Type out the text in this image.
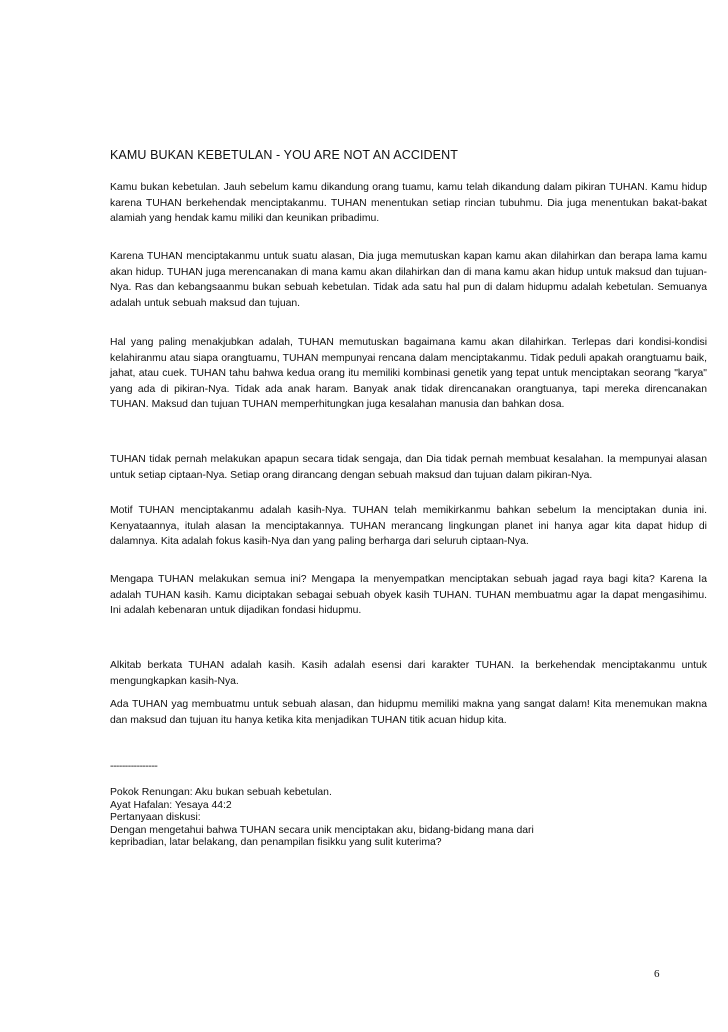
KAMU BUKAN KEBETULAN - YOU ARE NOT AN ACCIDENT

Kamu bukan kebetulan. Jauh sebelum kamu dikandung orang tuamu, kamu telah dikandung dalam pikiran TUHAN. Kamu hidup karena TUHAN berkehendak menciptakanmu. TUHAN menentukan setiap rincian tubuhmu. Dia juga menentukan bakat-bakat alamiah yang hendak kamu miliki dan keunikan pribadimu.

Karena TUHAN menciptakanmu untuk suatu alasan, Dia juga memutuskan kapan kamu akan dilahirkan dan berapa lama kamu akan hidup. TUHAN juga merencanakan di mana kamu akan dilahirkan dan di mana kamu akan hidup untuk maksud dan tujuan-Nya. Ras dan kebangsaanmu bukan sebuah kebetulan. Tidak ada satu hal pun di dalam hidupmu adalah kebetulan. Semuanya adalah untuk sebuah maksud dan tujuan.

Hal yang paling menakjubkan adalah, TUHAN memutuskan bagaimana kamu akan dilahirkan. Terlepas dari kondisi-kondisi kelahiranmu atau siapa orangtuamu, TUHAN mempunyai rencana dalam menciptakanmu. Tidak peduli apakah orangtuamu baik, jahat, atau cuek. TUHAN tahu bahwa kedua orang itu memiliki kombinasi genetik yang tepat untuk menciptakan seorang "karya" yang ada di pikiran-Nya. Tidak ada anak haram. Banyak anak tidak direncanakan orangtuanya, tapi mereka direncanakan TUHAN. Maksud dan tujuan TUHAN memperhitungkan juga kesalahan manusia dan bahkan dosa.

TUHAN tidak pernah melakukan apapun secara tidak sengaja, dan Dia tidak pernah membuat kesalahan. Ia mempunyai alasan untuk setiap ciptaan-Nya. Setiap orang dirancang dengan sebuah maksud dan tujuan dalam pikiran-Nya.

Motif TUHAN menciptakanmu adalah kasih-Nya. TUHAN telah memikirkanmu bahkan sebelum Ia menciptakan dunia ini. Kenyataannya, itulah alasan Ia menciptakannya. TUHAN merancang lingkungan planet ini hanya agar kita dapat hidup di dalamnya. Kita adalah fokus kasih-Nya dan yang paling berharga dari seluruh ciptaan-Nya.

Mengapa TUHAN melakukan semua ini? Mengapa Ia menyempatkan menciptakan sebuah jagad raya bagi kita? Karena Ia adalah TUHAN kasih. Kamu diciptakan sebagai sebuah obyek kasih TUHAN. TUHAN membuatmu agar Ia dapat mengasihimu. Ini adalah kebenaran untuk dijadikan fondasi hidupmu.

Alkitab berkata TUHAN adalah kasih. Kasih adalah esensi dari karakter TUHAN. Ia berkehendak menciptakanmu untuk mengungkapkan kasih-Nya.

Ada TUHAN yag membuatmu untuk sebuah alasan, dan hidupmu memiliki makna yang sangat dalam! Kita menemukan makna dan maksud dan tujuan itu hanya ketika kita menjadikan TUHAN titik acuan hidup kita.

----------------
Pokok Renungan: Aku bukan sebuah kebetulan.
Ayat Hafalan: Yesaya 44:2
Pertanyaan diskusi:
Dengan mengetahui bahwa TUHAN secara unik menciptakan aku, bidang-bidang mana dari
kepribadian, latar belakang, dan penampilan fisikku yang sulit kuterima?
6
